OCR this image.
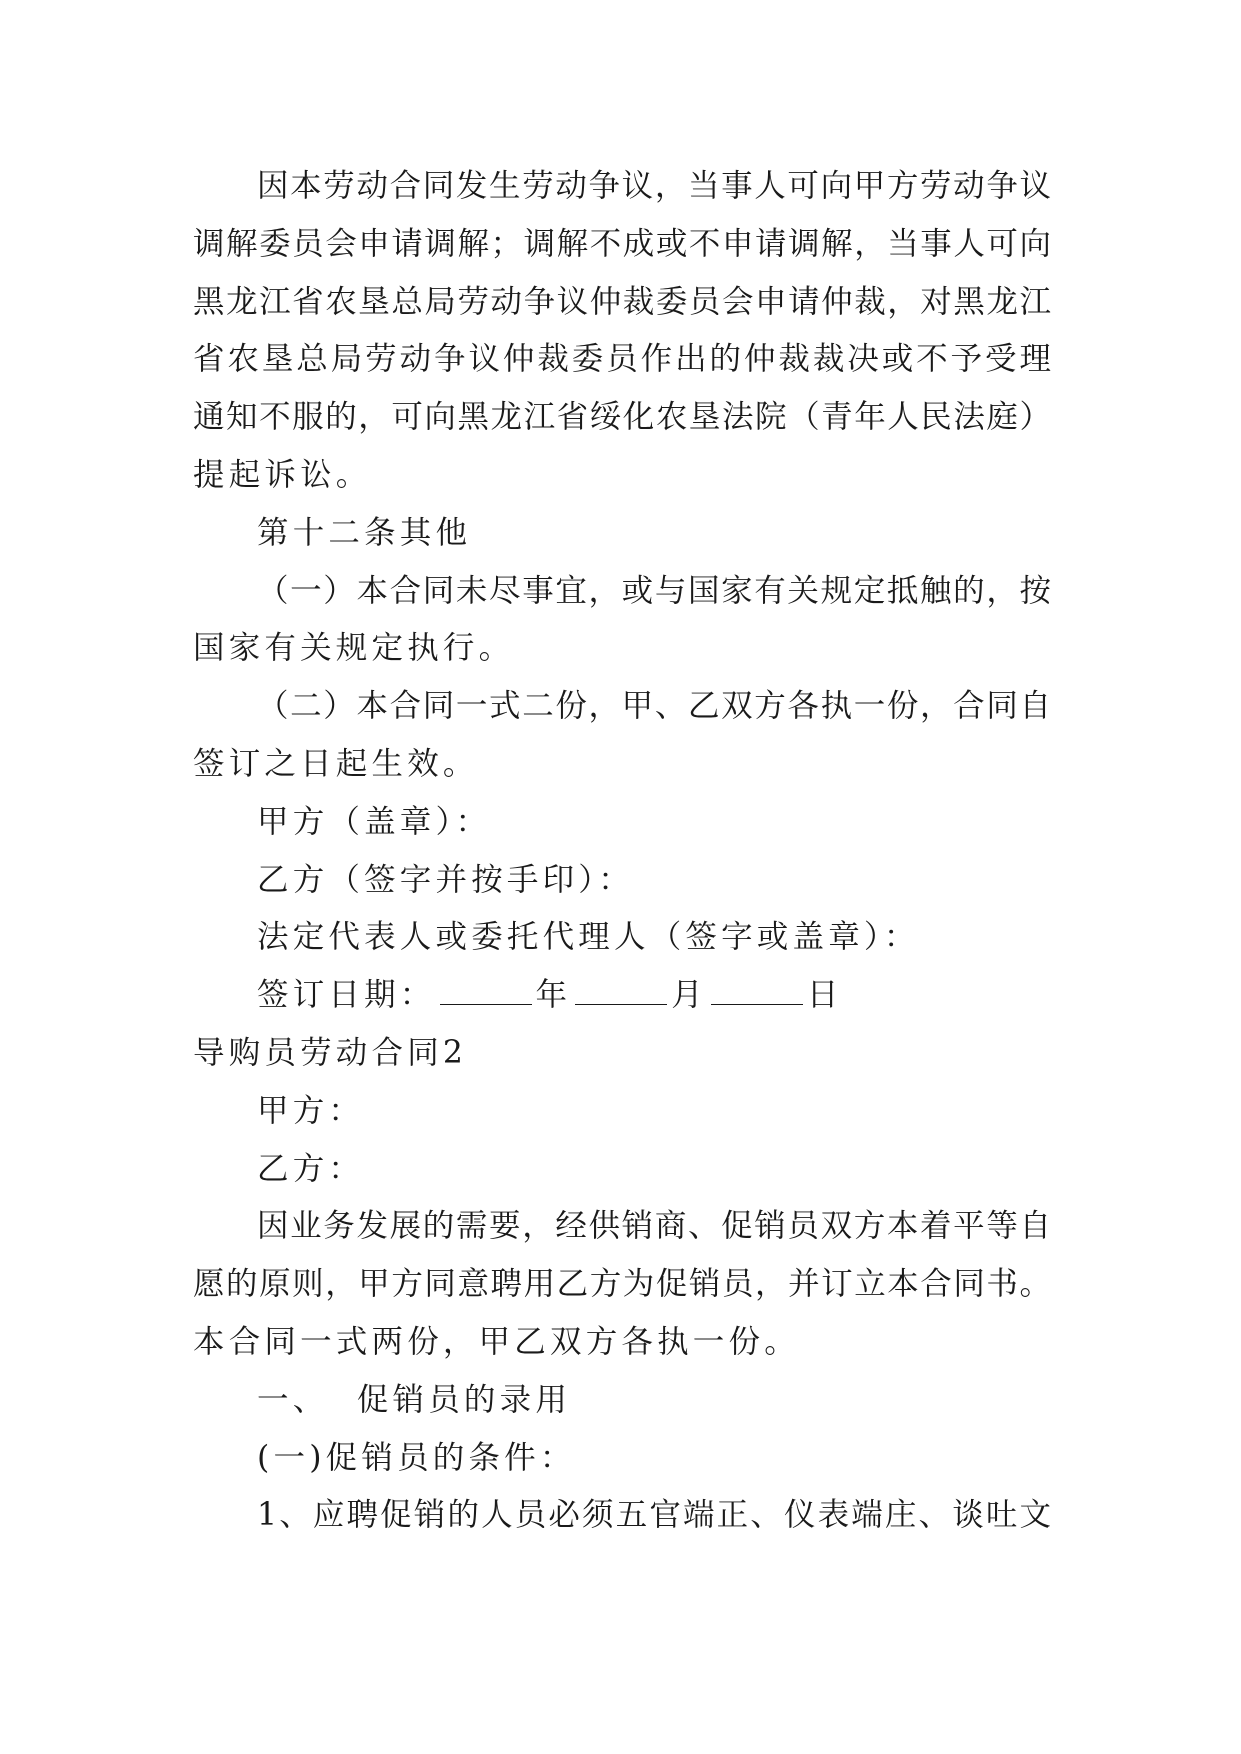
因本劳动合同发生劳动争议，当事人可向甲方劳动争议
调解委员会申请调解；调解不成或不申请调解，当事人可向
黑龙江省农垦总局劳动争议仲裁委员会申请仲裁，对黑龙江
省农垦总局劳动争议仲裁委员作出的仲裁裁决或不予受理
通知不服的，可向黑龙江省绥化农垦法院（青年人民法庭）
提起诉讼。
第十二条其他
（一）本合同未尽事宜，或与国家有关规定抵触的，按
国家有关规定执行。
（二）本合同一式二份，甲、乙双方各执一份，合同自
签订之日起生效。
甲方（盖章）：
乙方（签字并按手印）：
法定代表人或委托代理人（签字或盖章）：
签订日期：	年	月	日
导购员劳动合同2
甲方：
乙方：
因业务发展的需要，经供销商、促销员双方本着平等自
愿的原则，甲方同意聘用乙方为促销员，并订立本合同书。
本合同一式两份，甲乙双方各执一份。
一、  促销员的录用
(一)促销员的条件：
1、应聘促销的人员必须五官端正、仪表端庄、谈吐文
